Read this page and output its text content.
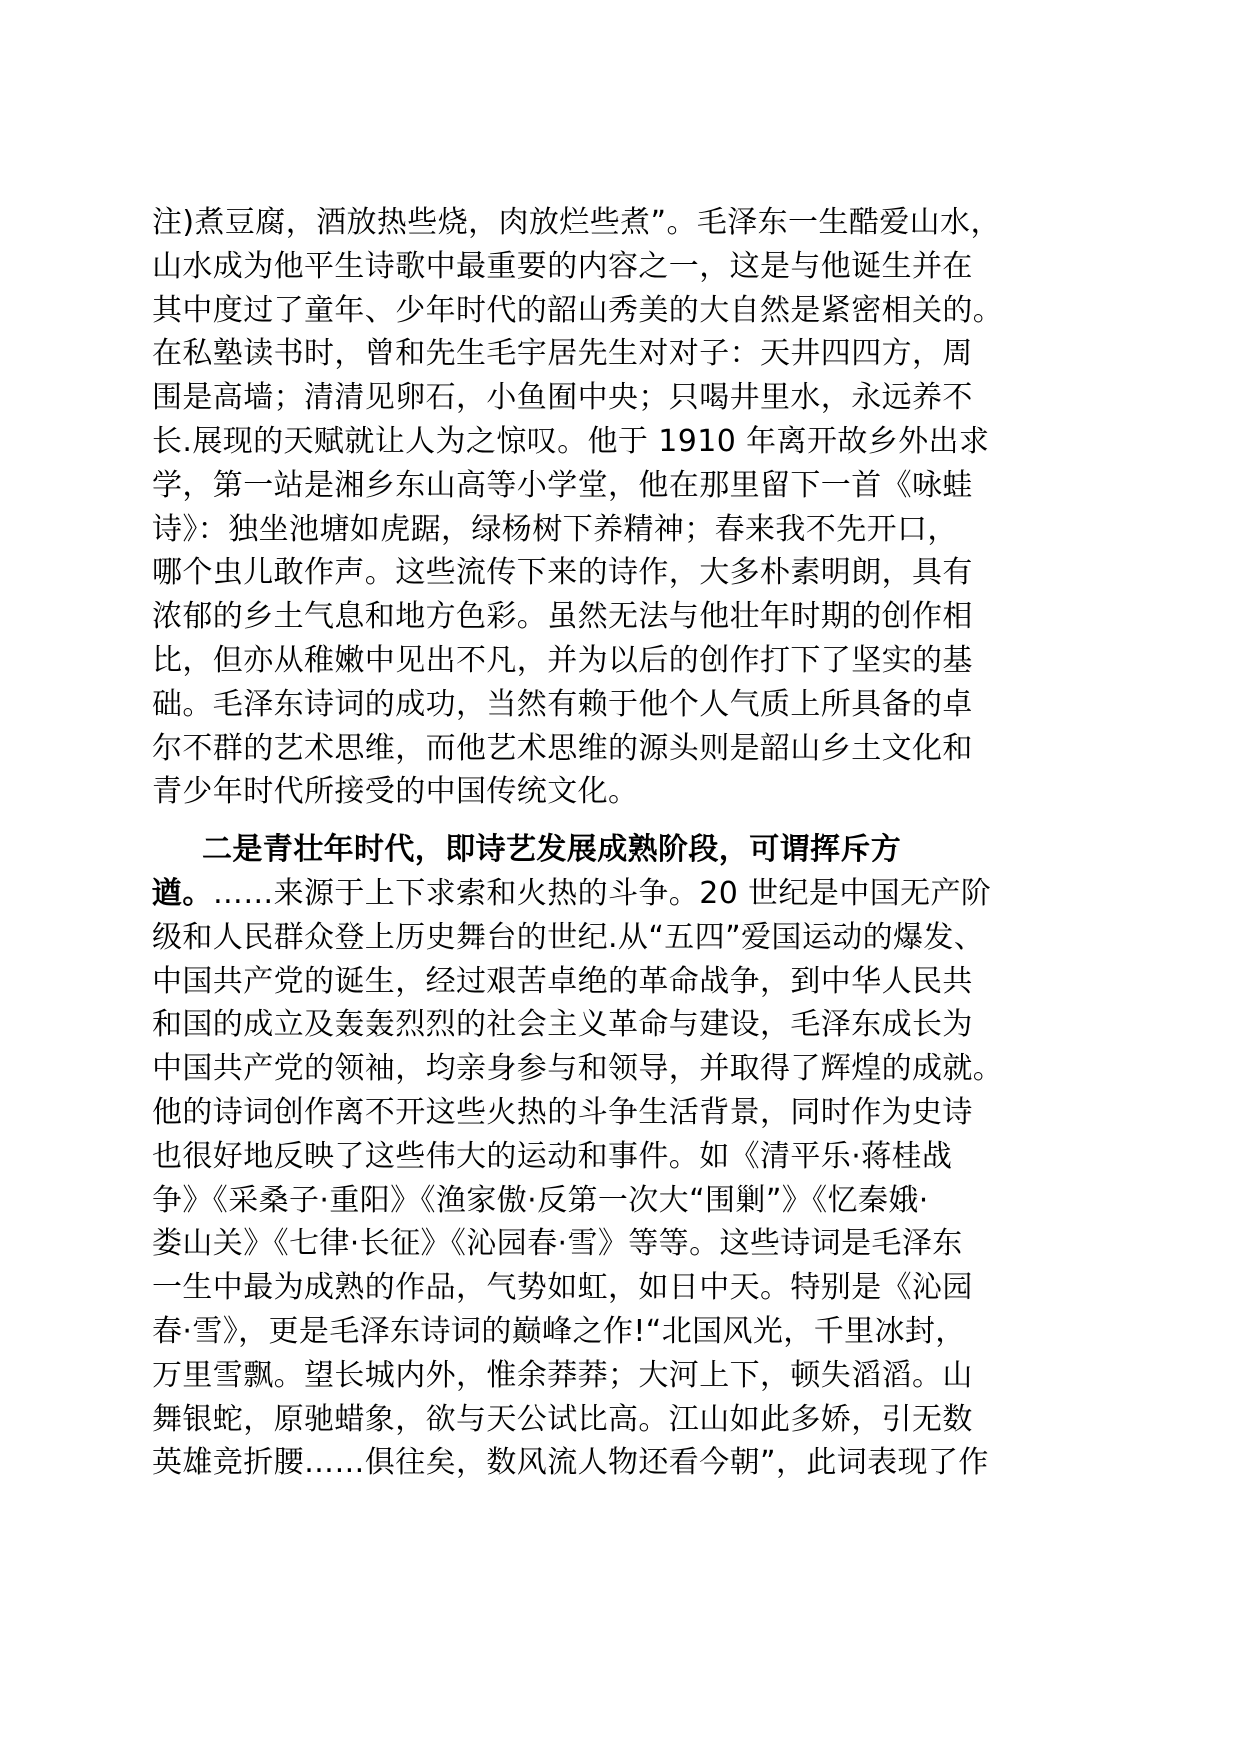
注)煮豆腐，酒放热些烧，肉放烂些煮”。毛泽东一生酷爱山水，
山水成为他平生诗歌中最重要的内容之一，这是与他诞生并在
其中度过了童年、少年时代的韶山秀美的大自然是紧密相关的。
在私塾读书时，曾和先生毛宇居先生对对子：天井四四方，周
围是高墙；清清见卵石，小鱼囿中央；只喝井里水，永远养不
长.展现的天赋就让人为之惊叹。他于 1910 年离开故乡外出求
学，第一站是湘乡东山高等小学堂，他在那里留下一首《咏蛙
诗》：独坐池塘如虎踞，绿杨树下养精神；春来我不先开口，
哪个虫儿敢作声。这些流传下来的诗作，大多朴素明朗，具有
浓郁的乡土气息和地方色彩。虽然无法与他壮年时期的创作相
比，但亦从稚嫩中见出不凡，并为以后的创作打下了坚实的基
础。毛泽东诗词的成功，当然有赖于他个人气质上所具备的卓
尔不群的艺术思维，而他艺术思维的源头则是韶山乡土文化和
青少年时代所接受的中国传统文化。
二是青壮年时代，即诗艺发展成熟阶段，可谓挥斥方
遒。……来源于上下求索和火热的斗争。20 世纪是中国无产阶
级和人民群众登上历史舞台的世纪.从“五四”爱国运动的爆发、
中国共产党的诞生，经过艰苦卓绝的革命战争，到中华人民共
和国的成立及轰轰烈烈的社会主义革命与建设，毛泽东成长为
中国共产党的领袖，均亲身参与和领导，并取得了辉煌的成就。
他的诗词创作离不开这些火热的斗争生活背景，同时作为史诗
也很好地反映了这些伟大的运动和事件。如《清平乐·蒋桂战
争》《采桑子·重阳》《渔家傲·反第一次大“围剿”》《忆秦娥·
娄山关》《七律·长征》《沁园春·雪》等等。这些诗词是毛泽东
一生中最为成熟的作品，气势如虹，如日中天。特别是《沁园
春·雪》，更是毛泽东诗词的巅峰之作!“北国风光，千里冰封，
万里雪飘。望长城内外，惟余莽莽；大河上下，顿失滔滔。山
舞银蛇，原驰蜡象，欲与天公试比高。江山如此多娇，引无数
英雄竞折腰……俱往矣，数风流人物还看今朝”，此词表现了作
